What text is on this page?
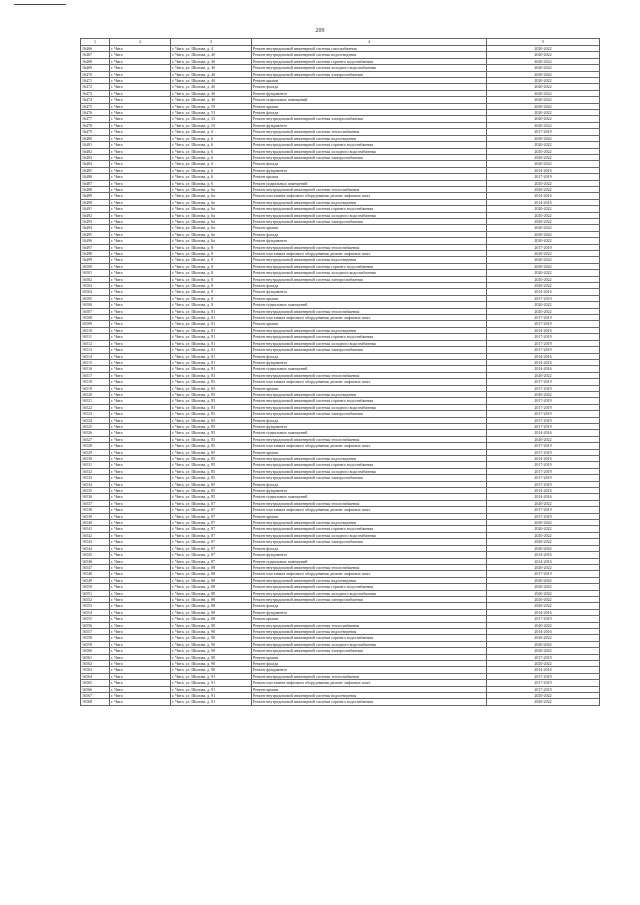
209
1	2	3	4	5
16466	г. Чита	г. Чита, ул. Шилова, д. 4	Ремонт внутридомовой инженерной системы газоснабжения	2020-2022
16467	г. Чита	г. Чита, ул. Шилова, д. 4б	Ремонт внутридомовой инженерной системы водоотведения	2020-2022
16468	г. Чита	г. Чита, ул. Шилова, д. 4б	Ремонт внутридомовой инженерной системы горячего водоснабжения	2020-2022
16469	г. Чита	г. Чита, ул. Шилова, д. 4б	Ремонт внутридомовой инженерной системы холодного водоснабжения	2020-2022
16470	г. Чита	г. Чита, ул. Шилова, д. 4б	Ремонт внутридомовой инженерной системы электроснабжения	2020-2022
16471	г. Чита	г. Чита, ул. Шилова, д. 4б	Ремонт крыши	2020-2022
16472	г. Чита	г. Чита, ул. Шилова, д. 4б	Ремонт фасада	2020-2022
16473	г. Чита	г. Чита, ул. Шилова, д. 4б	Ремонт фундамента	2020-2022
16474	г. Чита	г. Чита, ул. Шилова, д. 4б	Ремонт подвальных помещений	2020-2022
16475	г. Чита	г. Чита, ул. Шилова, д. 53	Ремонт крыши	2020-2022
16476	г. Чита	г. Чита, ул. Шилова, д. 53	Ремонт фасада	2020-2022
16477	г. Чита	г. Чита, ул. Шилова, д. 53	Ремонт внутридомовой инженерной системы электроснабжения	2020-2022
16478	г. Чита	г. Чита, ул. Шилова, д. 53	Ремонт фундамента	2020-2022
16479	г. Чита	г. Чита, ул. Шилова, д. 6	Ремонт внутридомовой инженерной системы теплоснабжения	2017-2019
16480	г. Чита	г. Чита, ул. Шилова, д. 6	Ремонт внутридомовой инженерной системы водоотведения	2020-2022
16481	г. Чита	г. Чита, ул. Шилова, д. 6	Ремонт внутридомовой инженерной системы горячего водоснабжения	2020-2022
16482	г. Чита	г. Чита, ул. Шилова, д. 6	Ремонт внутридомовой инженерной системы холодного водоснабжения	2020-2022
16483	г. Чита	г. Чита, ул. Шилова, д. 6	Ремонт внутридомовой инженерной системы электроснабжения	2020-2022
16484	г. Чита	г. Чита, ул. Шилова, д. 6	Ремонт фасада	2020-2022
16485	г. Чита	г. Чита, ул. Шилова, д. 6	Ремонт фундамента	2014-2016
16486	г. Чита	г. Чита, ул. Шилова, д. 6	Ремонт крыши	2017-2019
16487	г. Чита	г. Чита, ул. Шилова, д. 6	Ремонт подвальных помещений	2020-2022
16488	г. Чита	г. Чита, ул. Шилова, д. 6а	Ремонт внутридомовой инженерной системы теплоснабжения	2020-2022
16489	г. Чита	г. Чита, ул. Шилова, д. 6а	Ремонт или замена лифтового оборудования, ремонт лифтовых шахт	2014-2016
16490	г. Чита	г. Чита, ул. Шилова, д. 6а	Ремонт внутридомовой инженерной системы водоотведения	2014-2016
16491	г. Чита	г. Чита, ул. Шилова, д. 6а	Ремонт внутридомовой инженерной системы горячего водоснабжения	2020-2022
16492	г. Чита	г. Чита, ул. Шилова, д. 6а	Ремонт внутридомовой инженерной системы холодного водоснабжения	2020-2022
16493	г. Чита	г. Чита, ул. Шилова, д. 6а	Ремонт внутридомовой инженерной системы электроснабжения	2020-2022
16494	г. Чита	г. Чита, ул. Шилова, д. 6а	Ремонт крыши	2020-2022
16495	г. Чита	г. Чита, ул. Шилова, д. 6а	Ремонт фасада	2020-2022
16496	г. Чита	г. Чита, ул. Шилова, д. 6а	Ремонт фундамента	2020-2022
16497	г. Чита	г. Чита, ул. Шилова, д. 8	Ремонт внутридомовой инженерной системы теплоснабжения	2017-2019
16498	г. Чита	г. Чита, ул. Шилова, д. 8	Ремонт или замена лифтового оборудования, ремонт лифтовых шахт	2020-2022
16499	г. Чита	г. Чита, ул. Шилова, д. 8	Ремонт внутридомовой инженерной системы водоотведения	2020-2022
16500	г. Чита	г. Чита, ул. Шилова, д. 8	Ремонт внутридомовой инженерной системы горячего водоснабжения	2020-2022
16501	г. Чита	г. Чита, ул. Шилова, д. 8	Ремонт внутридомовой инженерной системы холодного водоснабжения	2020-2022
16502	г. Чита	г. Чита, ул. Шилова, д. 8	Ремонт внутридомовой инженерной системы электроснабжения	2020-2022
16503	г. Чита	г. Чита, ул. Шилова, д. 8	Ремонт фасада	2020-2022
16504	г. Чита	г. Чита, ул. Шилова, д. 8	Ремонт фундамента	2014-2016
16505	г. Чита	г. Чита, ул. Шилова, д. 8	Ремонт крыши	2017-2019
16506	г. Чита	г. Чита, ул. Шилова, д. 8	Ремонт подвальных помещений	2020-2022
16507	г. Чита	г. Чита, ул. Шилова, д. 81	Ремонт внутридомовой инженерной системы теплоснабжения	2020-2022
16508	г. Чита	г. Чита, ул. Шилова, д. 81	Ремонт или замена лифтового оборудования, ремонт лифтовых шахт	2017-2019
16509	г. Чита	г. Чита, ул. Шилова, д. 81	Ремонт крыши	2017-2019
16510	г. Чита	г. Чита, ул. Шилова, д. 81	Ремонт внутридомовой инженерной системы водоотведения	2014-2016
16511	г. Чита	г. Чита, ул. Шилова, д. 81	Ремонт внутридомовой инженерной системы горячего водоснабжения	2017-2019
16512	г. Чита	г. Чита, ул. Шилова, д. 81	Ремонт внутридомовой инженерной системы холодного водоснабжения	2017-2019
16513	г. Чита	г. Чита, ул. Шилова, д. 81	Ремонт внутридомовой инженерной системы электроснабжения	2017-2019
16514	г. Чита	г. Чита, ул. Шилова, д. 81	Ремонт фасада	2014-2016
16515	г. Чита	г. Чита, ул. Шилова, д. 81	Ремонт фундамента	2014-2016
16516	г. Чита	г. Чита, ул. Шилова, д. 81	Ремонт подвальных помещений	2014-2016
16517	г. Чита	г. Чита, ул. Шилова, д. 83	Ремонт внутридомовой инженерной системы теплоснабжения	2020-2022
16518	г. Чита	г. Чита, ул. Шилова, д. 83	Ремонт или замена лифтового оборудования, ремонт лифтовых шахт	2017-2019
16519	г. Чита	г. Чита, ул. Шилова, д. 83	Ремонт крыши	2017-2019
16520	г. Чита	г. Чита, ул. Шилова, д. 83	Ремонт внутридомовой инженерной системы водоотведения	2020-2022
16521	г. Чита	г. Чита, ул. Шилова, д. 83	Ремонт внутридомовой инженерной системы горячего водоснабжения	2017-2019
16522	г. Чита	г. Чита, ул. Шилова, д. 83	Ремонт внутридомовой инженерной системы холодного водоснабжения	2017-2019
16523	г. Чита	г. Чита, ул. Шилова, д. 83	Ремонт внутридомовой инженерной системы электроснабжения	2017-2019
16524	г. Чита	г. Чита, ул. Шилова, д. 83	Ремонт фасада	2017-2019
16525	г. Чита	г. Чита, ул. Шилова, д. 83	Ремонт фундамента	2017-2019
16526	г. Чита	г. Чита, ул. Шилова, д. 83	Ремонт подвальных помещений	2014-2016
16527	г. Чита	г. Чита, ул. Шилова, д. 85	Ремонт внутридомовой инженерной системы теплоснабжения	2020-2022
16528	г. Чита	г. Чита, ул. Шилова, д. 85	Ремонт или замена лифтового оборудования, ремонт лифтовых шахт	2017-2019
16529	г. Чита	г. Чита, ул. Шилова, д. 85	Ремонт крыши	2017-2019
16530	г. Чита	г. Чита, ул. Шилова, д. 85	Ремонт внутридомовой инженерной системы водоотведения	2014-2016
16531	г. Чита	г. Чита, ул. Шилова, д. 85	Ремонт внутридомовой инженерной системы горячего водоснабжения	2017-2019
16532	г. Чита	г. Чита, ул. Шилова, д. 85	Ремонт внутридомовой инженерной системы холодного водоснабжения	2017-2019
16533	г. Чита	г. Чита, ул. Шилова, д. 85	Ремонт внутридомовой инженерной системы электроснабжения	2017-2019
16534	г. Чита	г. Чита, ул. Шилова, д. 85	Ремонт фасада	2017-2019
16535	г. Чита	г. Чита, ул. Шилова, д. 85	Ремонт фундамента	2014-2016
16536	г. Чита	г. Чита, ул. Шилова, д. 85	Ремонт подвальных помещений	2014-2016
16537	г. Чита	г. Чита, ул. Шилова, д. 87	Ремонт внутридомовой инженерной системы теплоснабжения	2020-2022
16538	г. Чита	г. Чита, ул. Шилова, д. 87	Ремонт или замена лифтового оборудования, ремонт лифтовых шахт	2017-2019
16539	г. Чита	г. Чита, ул. Шилова, д. 87	Ремонт крыши	2017-2019
16540	г. Чита	г. Чита, ул. Шилова, д. 87	Ремонт внутридомовой инженерной системы водоотведения	2020-2022
16541	г. Чита	г. Чита, ул. Шилова, д. 87	Ремонт внутридомовой инженерной системы горячего водоснабжения	2020-2022
16542	г. Чита	г. Чита, ул. Шилова, д. 87	Ремонт внутридомовой инженерной системы холодного водоснабжения	2020-2022
16543	г. Чита	г. Чита, ул. Шилова, д. 87	Ремонт внутридомовой инженерной системы электроснабжения	2020-2022
16544	г. Чита	г. Чита, ул. Шилова, д. 87	Ремонт фасада	2020-2022
16545	г. Чита	г. Чита, ул. Шилова, д. 87	Ремонт фундамента	2014-2016
16546	г. Чита	г. Чита, ул. Шилова, д. 87	Ремонт подвальных помещений	2014-2016
16547	г. Чита	г. Чита, ул. Шилова, д. 88	Ремонт внутридомовой инженерной системы теплоснабжения	2020-2022
16548	г. Чита	г. Чита, ул. Шилова, д. 88	Ремонт или замена лифтового оборудования, ремонт лифтовых шахт	2017-2019
16549	г. Чита	г. Чита, ул. Шилова, д. 88	Ремонт внутридомовой инженерной системы водоотведения	2020-2022
16550	г. Чита	г. Чита, ул. Шилова, д. 88	Ремонт внутридомовой инженерной системы горячего водоснабжения	2020-2022
16551	г. Чита	г. Чита, ул. Шилова, д. 88	Ремонт внутридомовой инженерной системы холодного водоснабжения	2020-2022
16552	г. Чита	г. Чита, ул. Шилова, д. 88	Ремонт внутридомовой инженерной системы электроснабжения	2020-2022
16553	г. Чита	г. Чита, ул. Шилова, д. 88	Ремонт фасада	2020-2022
16554	г. Чита	г. Чита, ул. Шилова, д. 88	Ремонт фундамента	2014-2016
16555	г. Чита	г. Чита, ул. Шилова, д. 88	Ремонт крыши	2017-2019
16556	г. Чита	г. Чита, ул. Шилова, д. 90	Ремонт внутридомовой инженерной системы теплоснабжения	2020-2022
16557	г. Чита	г. Чита, ул. Шилова, д. 90	Ремонт внутридомовой инженерной системы водоотведения	2014-2016
16558	г. Чита	г. Чита, ул. Шилова, д. 90	Ремонт внутридомовой инженерной системы горячего водоснабжения	2020-2022
16559	г. Чита	г. Чита, ул. Шилова, д. 90	Ремонт внутридомовой инженерной системы холодного водоснабжения	2020-2022
16560	г. Чита	г. Чита, ул. Шилова, д. 90	Ремонт внутридомовой инженерной системы электроснабжения	2020-2022
16561	г. Чита	г. Чита, ул. Шилова, д. 90	Ремонт крыши	2017-2019
16562	г. Чита	г. Чита, ул. Шилова, д. 90	Ремонт фасада	2020-2022
16563	г. Чита	г. Чита, ул. Шилова, д. 90	Ремонт фундамента	2014-2016
16564	г. Чита	г. Чита, ул. Шилова, д. 91	Ремонт внутридомовой инженерной системы теплоснабжения	2017-2019
16565	г. Чита	г. Чита, ул. Шилова, д. 91	Ремонт или замена лифтового оборудования, ремонт лифтовых шахт	2017-2019
16566	г. Чита	г. Чита, ул. Шилова, д. 91	Ремонт крыши	2017-2019
16567	г. Чита	г. Чита, ул. Шилова, д. 91	Ремонт внутридомовой инженерной системы водоотведения	2020-2022
16568	г. Чита	г. Чита, ул. Шилова, д. 91	Ремонт внутридомовой инженерной системы горячего водоснабжения	2020-2022
